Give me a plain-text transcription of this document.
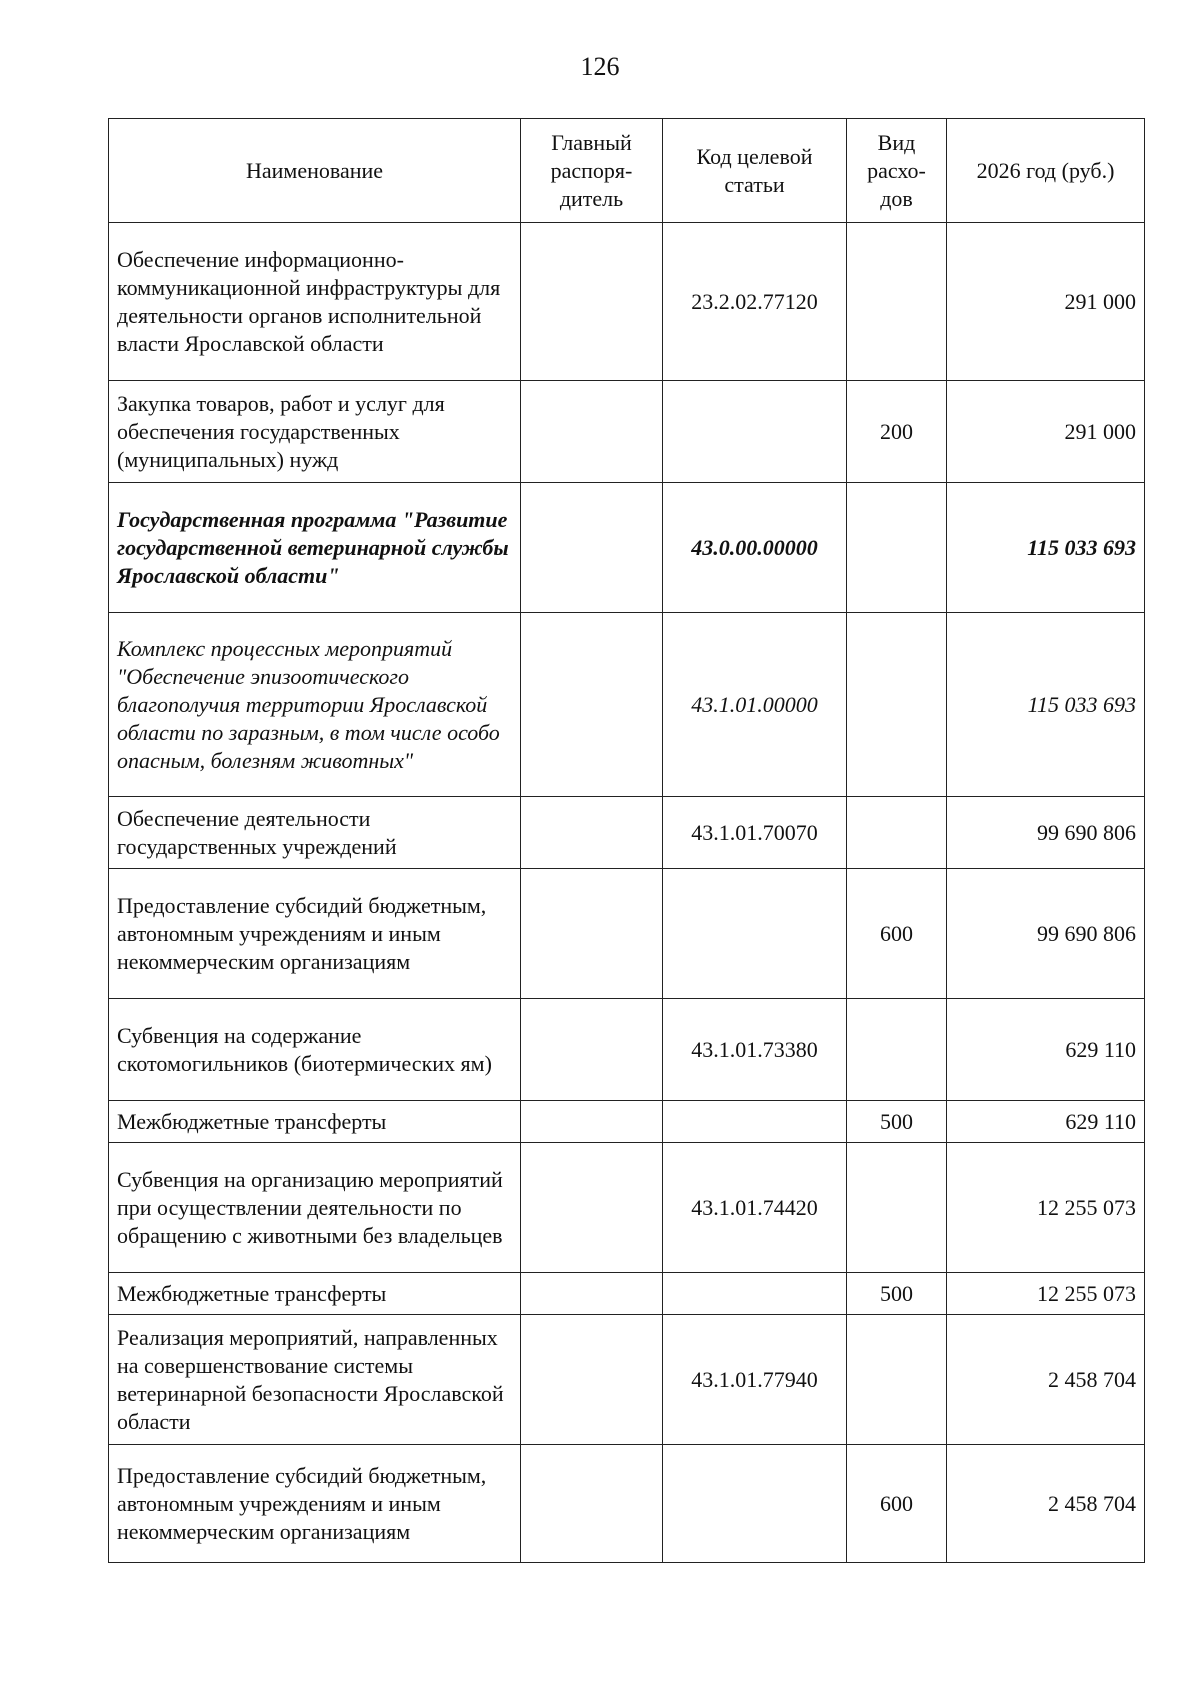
126
Наименование	Главный распоря-дитель	Код целевой статьи	Вид расхо-дов	2026 год (руб.)
Обеспечение информационно-коммуникационной инфраструктуры для деятельности органов исполнительной власти Ярославской области		23.2.02.77120		291 000
Закупка товаров, работ и услуг для обеспечения государственных (муниципальных) нужд			200	291 000
Государственная программа "Развитие государственной ветеринарной службы Ярославской области"		43.0.00.00000		115 033 693
Комплекс процессных мероприятий "Обеспечение эпизоотического благополучия территории Ярославской области по заразным, в том числе особо опасным, болезням животных"		43.1.01.00000		115 033 693
Обеспечение деятельности государственных учреждений		43.1.01.70070		99 690 806
Предоставление субсидий бюджетным, автономным учреждениям и иным некоммерческим организациям			600	99 690 806
Субвенция на содержание скотомогильников (биотермических ям)		43.1.01.73380		629 110
Межбюджетные трансферты			500	629 110
Субвенция на организацию мероприятий при осуществлении деятельности по обращению с животными без владельцев		43.1.01.74420		12 255 073
Межбюджетные трансферты			500	12 255 073
Реализация мероприятий, направленных на совершенствование системы ветеринарной безопасности Ярославской области		43.1.01.77940		2 458 704
Предоставление субсидий бюджетным, автономным учреждениям и иным некоммерческим организациям			600	2 458 704
